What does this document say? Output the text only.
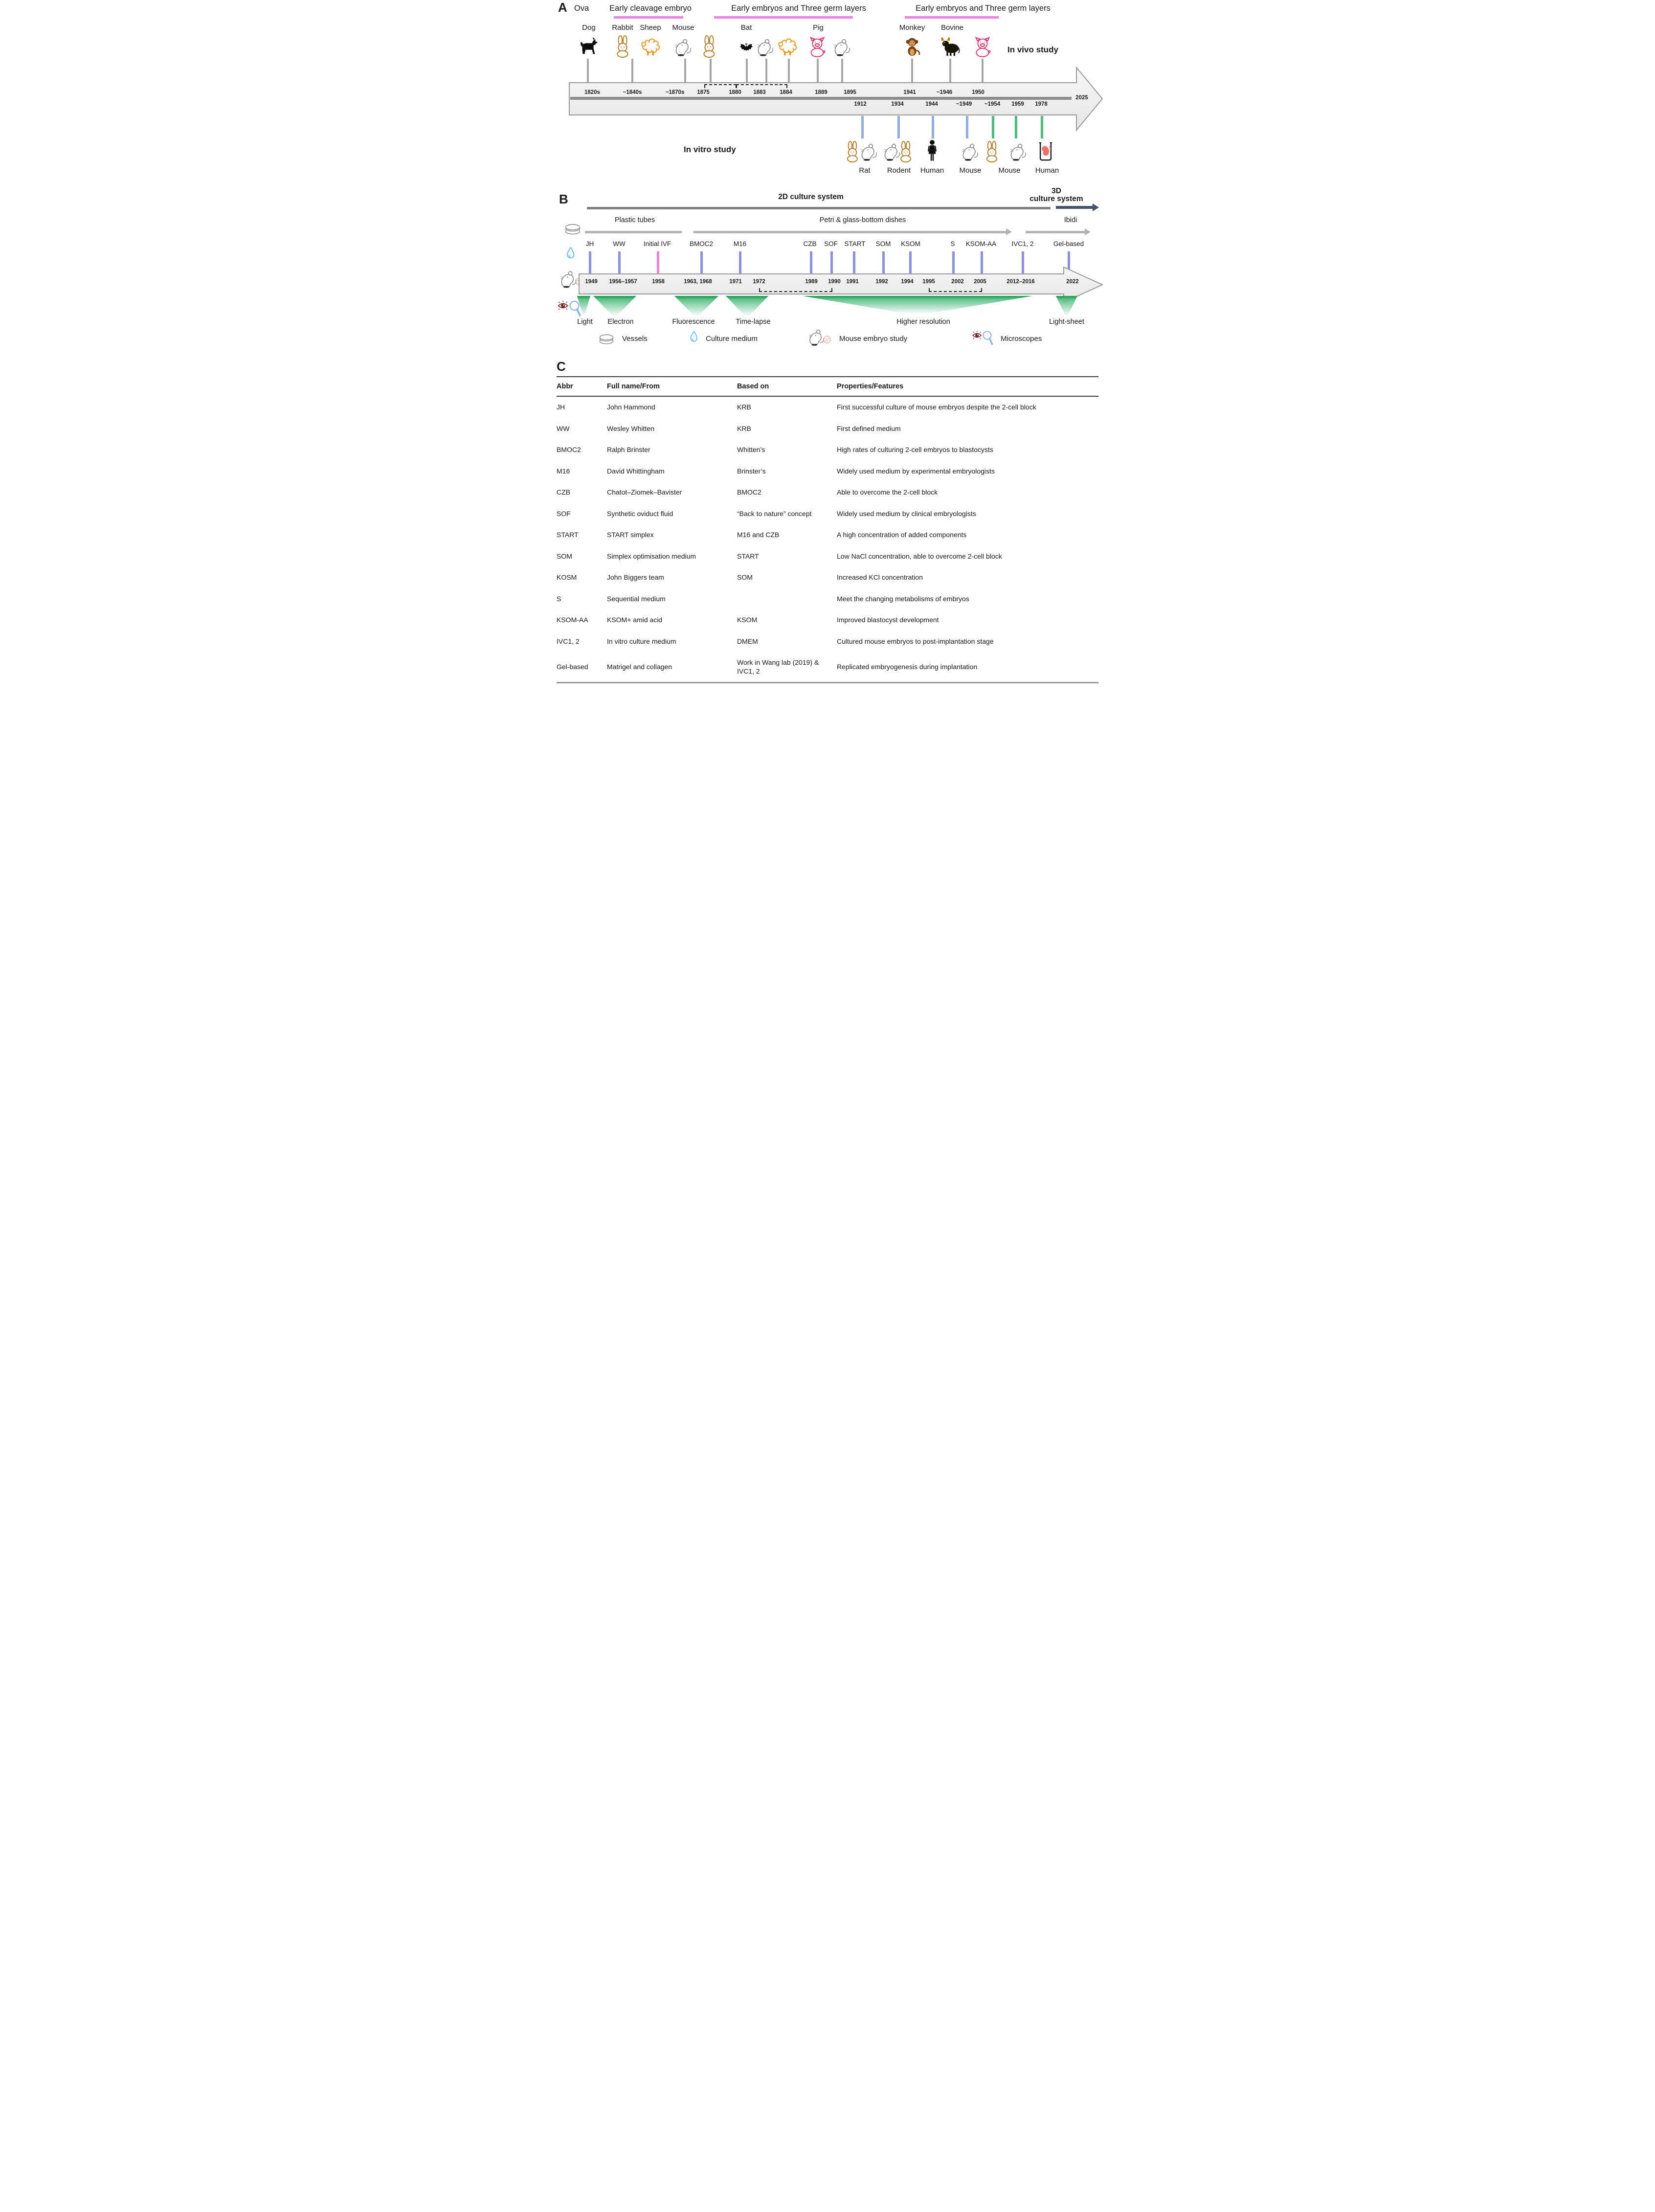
A Ova	Early cleavage embryo	Early embryos and Three germ layers	Early embryos and Three germ layers
Dog Rabbit Sheep Mouse	Bat	Pig	Monkey Bovine
1820s	~1840s	~1870s 1875	1880 1883 1884	1889	1895	1941	~1946	1950
2025
1912	1934	1944	~1949 ~1954 1959 1978
In vivo study
In vitro study
Rat Rodent Human Mouse Mouse Human
B	2D culture system
3D
culture system
Plastic tubes	Petri & glass-bottom dishes	Ibidi
JH	WW	Initial IVF	BMOC2	M16	CZB SOF START SOM KSOM	S KSOM-AA IVC1, 2	Gel-based
1949 1956–1957	1958	1963, 1968	1971 1972	1989 1990 1991	1992 1994 1995	2002 2005	2012–2016	2022
Light Electron	Fluorescence	Time-lapse	Higher resolution	Light-sheet
Vessels	Culture medium	Mouse embryo study	Microscopes
C
Abbr	Full name/From	Based on	Properties/Features
JH	John Hammond	KRB	First successful culture of mouse embryos despite the 2-cell block
WW	Wesley Whitten	KRB	First defined medium
BMOC2	Ralph Brinster	Whitten’s	High rates of culturing 2-cell embryos to blastocysts
M16	David Whittingham	Brinster’s	Widely used medium by experimental embryologists
CZB	Chatot–Ziomek–Bavister	BMOC2	Able to overcome the 2-cell block
SOF	Synthetic oviduct fluid	“Back to nature” concept	Widely used medium by clinical embryologists
START	START simplex	M16 and CZB	A high concentration of added components
SOM	Simplex optimisation medium	START	Low NaCl concentration, able to overcome 2-cell block
KOSM	John Biggers team	SOM	Increased KCl concentration
S	Sequential medium		Meet the changing metabolisms of embryos
KSOM-AA	KSOM+ amid acid	KSOM	Improved blastocyst development
IVC1, 2	In vitro culture medium	DMEM	Cultured mouse embryos to post-implantation stage
Gel-based	Matrigel and collagen	Work in Wang lab (2019) & IVC1, 2	Replicated embryogenesis during implantation
